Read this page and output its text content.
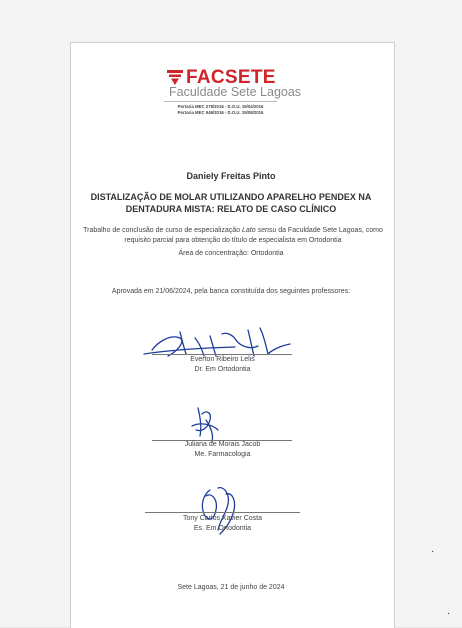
FACSETE
Faculdade Sete Lagoas
Portaria MEC 278/2016 - D.O.U. 19/04/2016
Portaria MEC 946/2016 - D.O.U. 19/08/2016
Danіely Freitas Pinto
DISTALIZAÇÃO DE MOLAR UTILIZANDO APARELHO PENDEX NA
DENTADURA MISTA: RELATO DE CASO CLÍNICO
Trabalho de conclusão de curso de especialização Lato sensu da Faculdade Sete Lagoas, como requisito parcial para obtenção do título de especialista em Ortodontia
Área de concentração: Ortodontia
Aprovada em 21/06/2024, pela banca constituída dos seguintes professores:
Everton Ribeiro Lelis
Dr. Em Ortodontia
Juliana de Morais Jacob
Me. Farmacologia
Tony Carlos Xavier Costa
Es. Em Ortodontia
Sete Lagoas, 21 de junho de 2024
·
·
